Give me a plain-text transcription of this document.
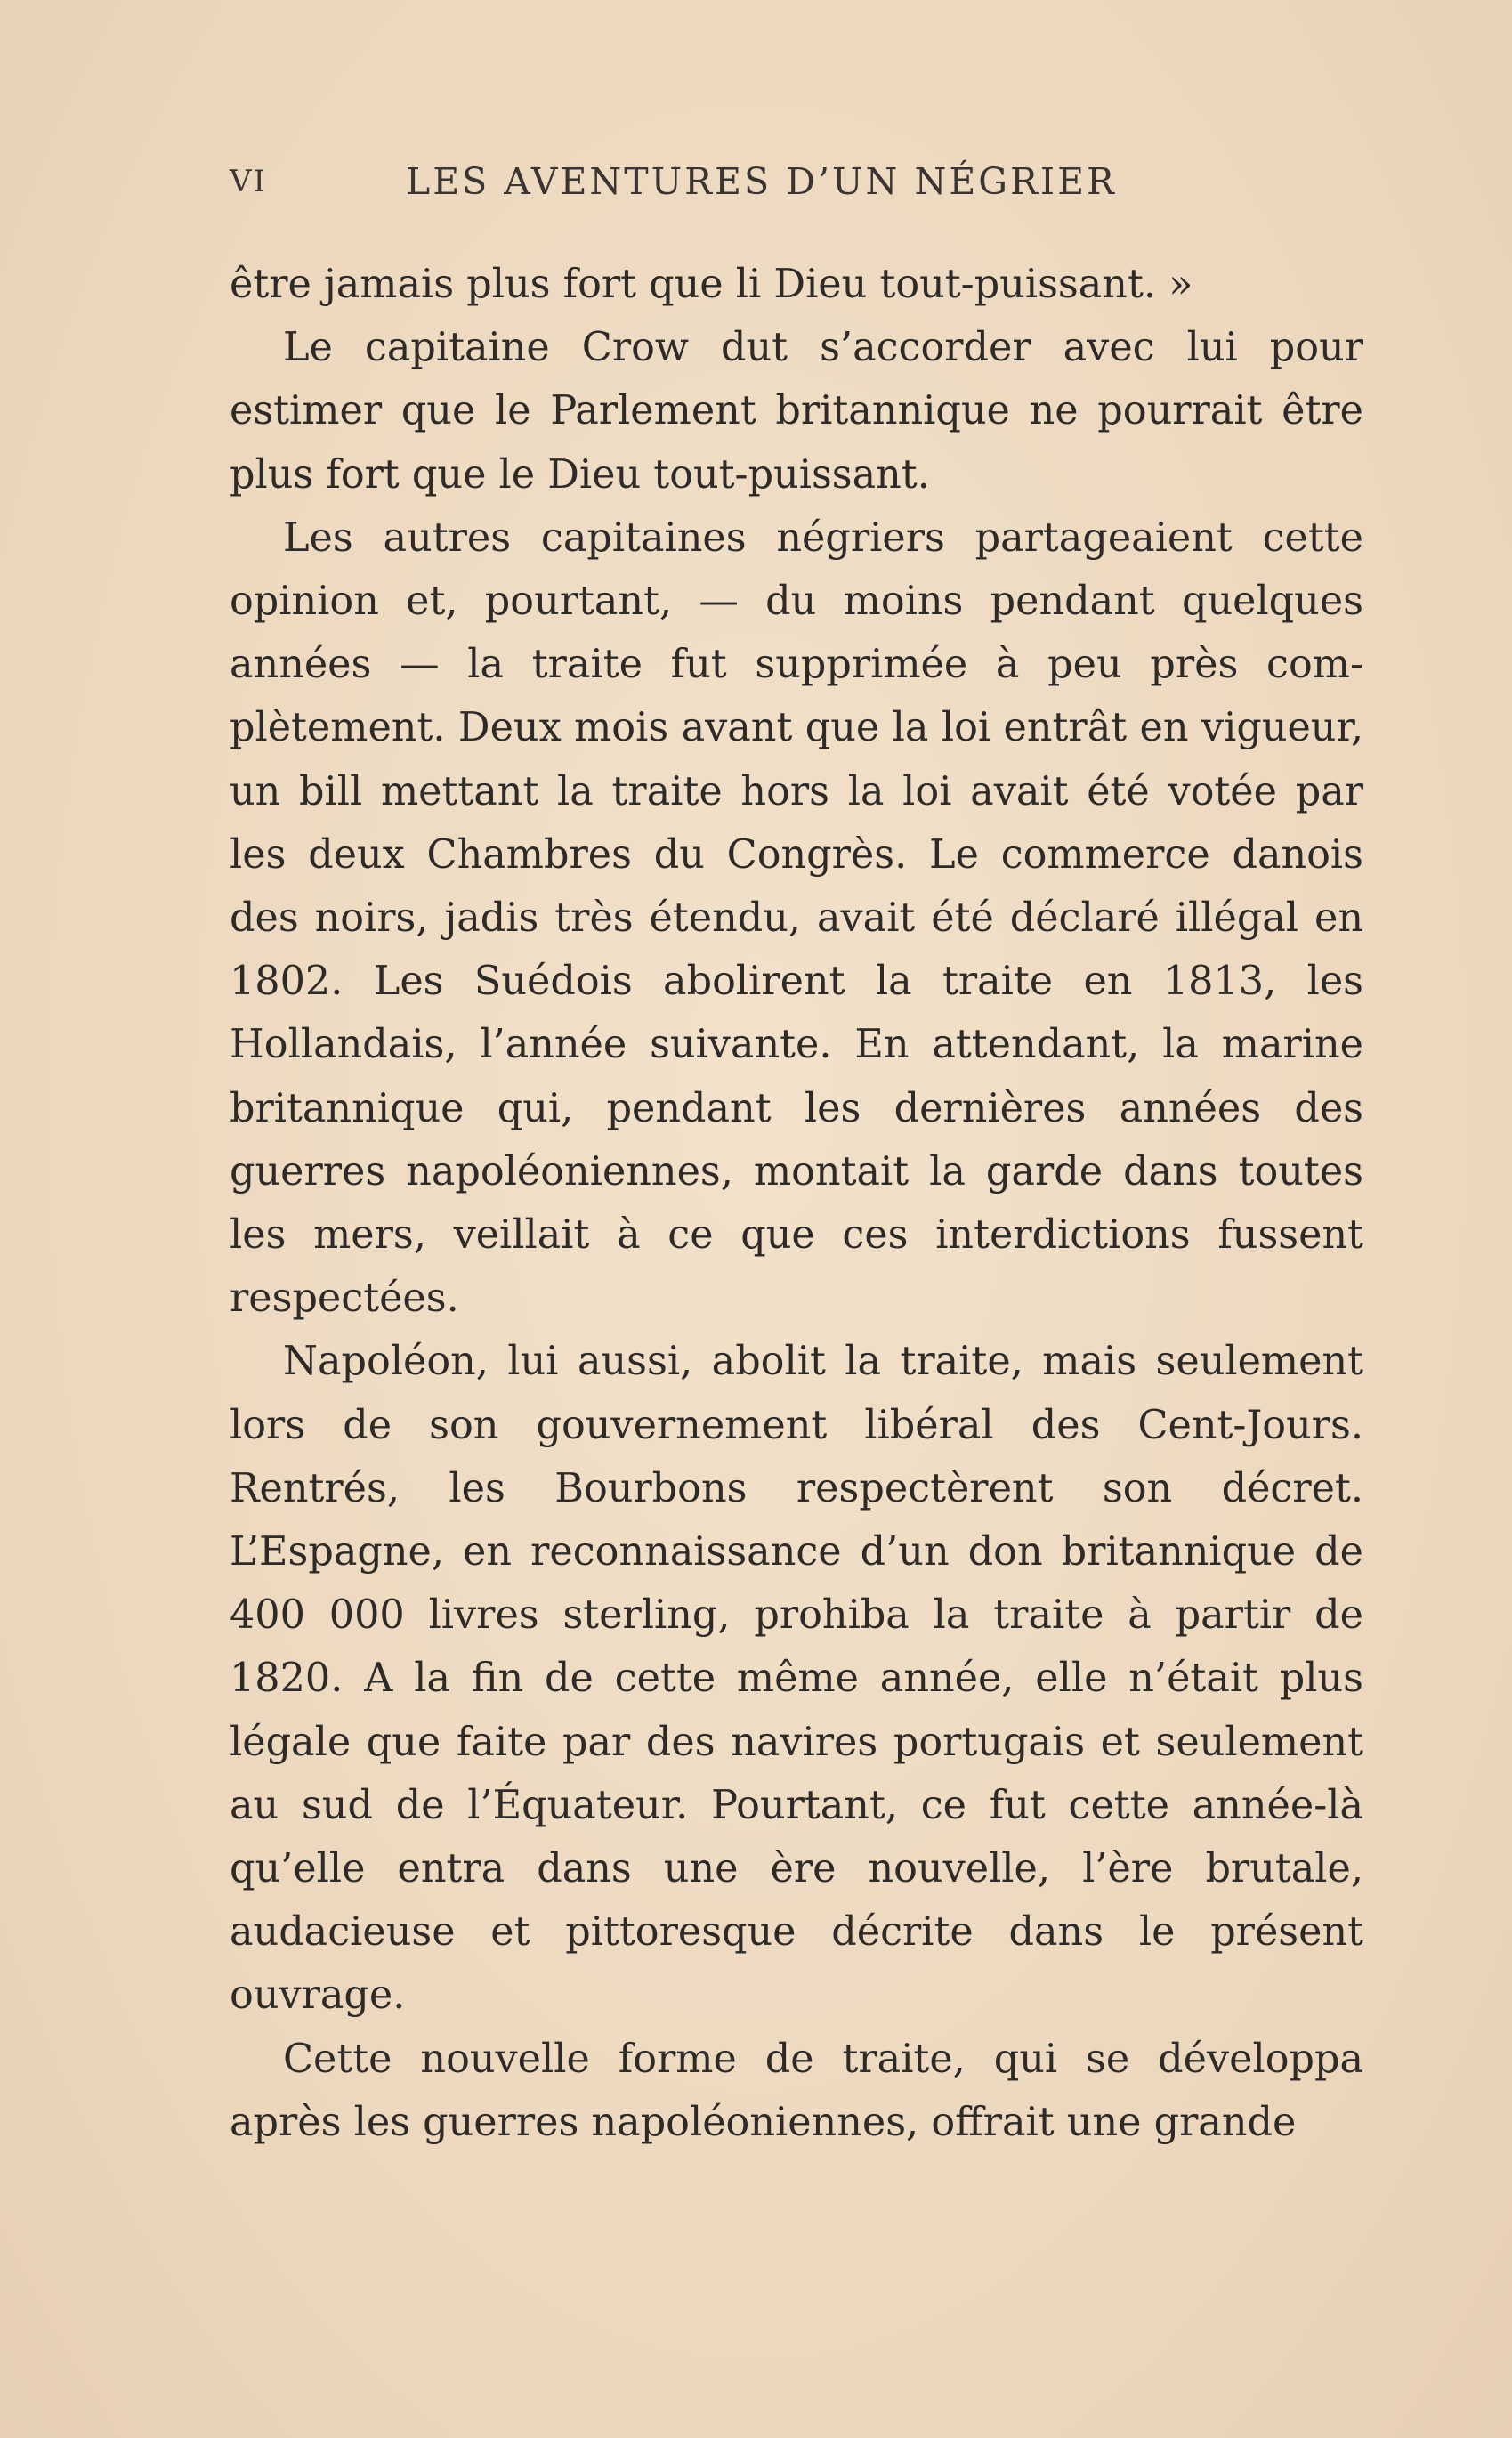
VI	LES AVENTURES D’UN NÉGRIER

être jamais plus fort que li Dieu tout-puissant. »

Le capitaine Crow dut s’accorder avec lui pour estimer que le Parlement britannique ne pourrait être plus fort que le Dieu tout-puissant.

Les autres capitaines négriers partageaient cette opinion et, pourtant, — du moins pendant quelques années — la traite fut supprimée à peu près complètement. Deux mois avant que la loi entrât en vigueur, un bill mettant la traite hors la loi avait été votée par les deux Chambres du Congrès. Le commerce danois des noirs, jadis très étendu, avait été déclaré illégal en 1802. Les Suédois abolirent la traite en 1813, les Hollandais, l’année suivante. En attendant, la marine britannique qui, pendant les dernières années des guerres napoléoniennes, montait la garde dans toutes les mers, veillait à ce que ces interdictions fussent respectées.

Napoléon, lui aussi, abolit la traite, mais seulement lors de son gouvernement libéral des Cent-Jours. Rentrés, les Bourbons respectèrent son décret. L’Espagne, en reconnaissance d’un don britannique de 400 000 livres sterling, prohiba la traite à partir de 1820. A la fin de cette même année, elle n’était plus légale que faite par des navires portugais et seulement au sud de l’Équateur. Pourtant, ce fut cette année-là qu’elle entra dans une ère nouvelle, l’ère brutale, audacieuse et pittoresque décrite dans le présent ouvrage.

Cette nouvelle forme de traite, qui se développa après les guerres napoléoniennes, offrait une grande
